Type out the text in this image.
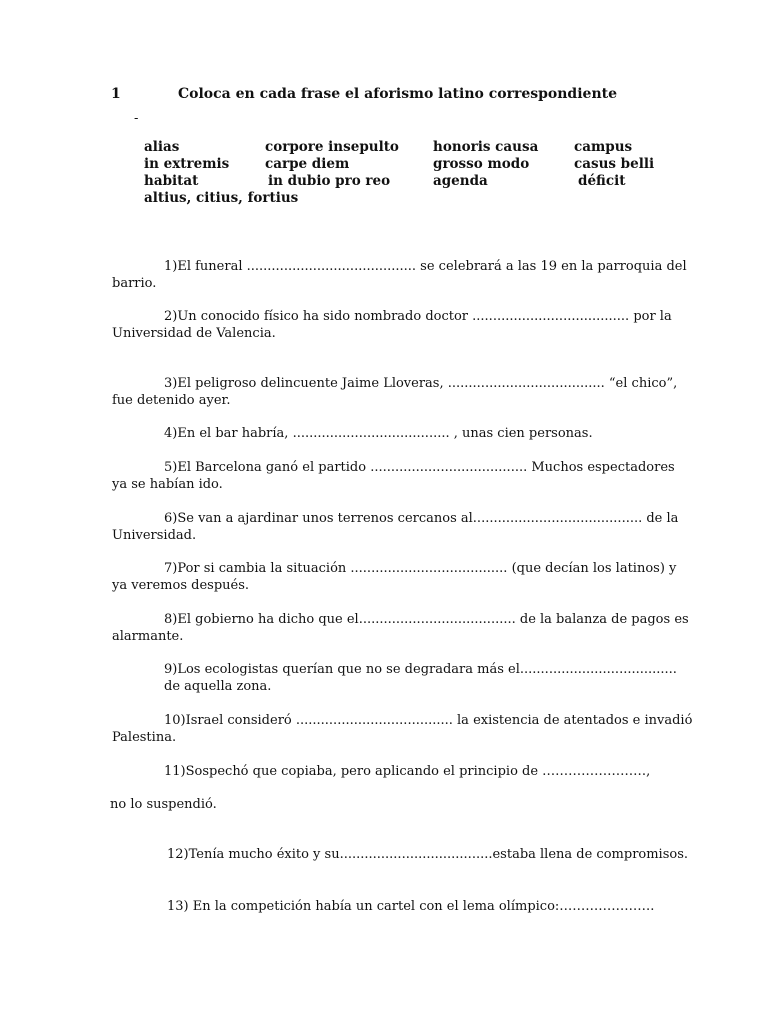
1	Coloca en cada frase el aforismo latino correspondiente
-
alias	corpore insepulto	honoris causa	campus
in extremis	carpe diem	grosso modo	casus belli
habitat	in dubio pro reo	agenda	déficit
altius, citius, fortius
1)El funeral ......................................... se celebrará a las 19 en la parroquia del
barrio.
2)Un conocido físico ha sido nombrado doctor ...................................... por la
Universidad de Valencia.
3)El peligroso delincuente Jaime Lloveras, ...................................... “el chico”,
fue detenido ayer.
4)En el bar habría, ...................................... , unas cien personas.
5)El Barcelona ganó el partido ...................................... Muchos espectadores
ya se habían ido.
6)Se van a ajardinar unos terrenos cercanos al......................................... de la
Universidad.
7)Por si cambia la situación ...................................... (que decían los latinos) y
ya veremos después.
8)El gobierno ha dicho que el...................................... de la balanza de pagos es
alarmante.
9)Los ecologistas querían que no se degradara más el......................................
de aquella zona.
10)Israel consideró ...................................... la existencia de atentados e invadió
Palestina.
11)Sospechó que copiaba, pero aplicando el principio de ……………………,
no lo suspendió.
12)Tenía mucho éxito y su.....................................estaba llena de compromisos.
13) En la competición había un cartel con el lema olímpico:………………….
